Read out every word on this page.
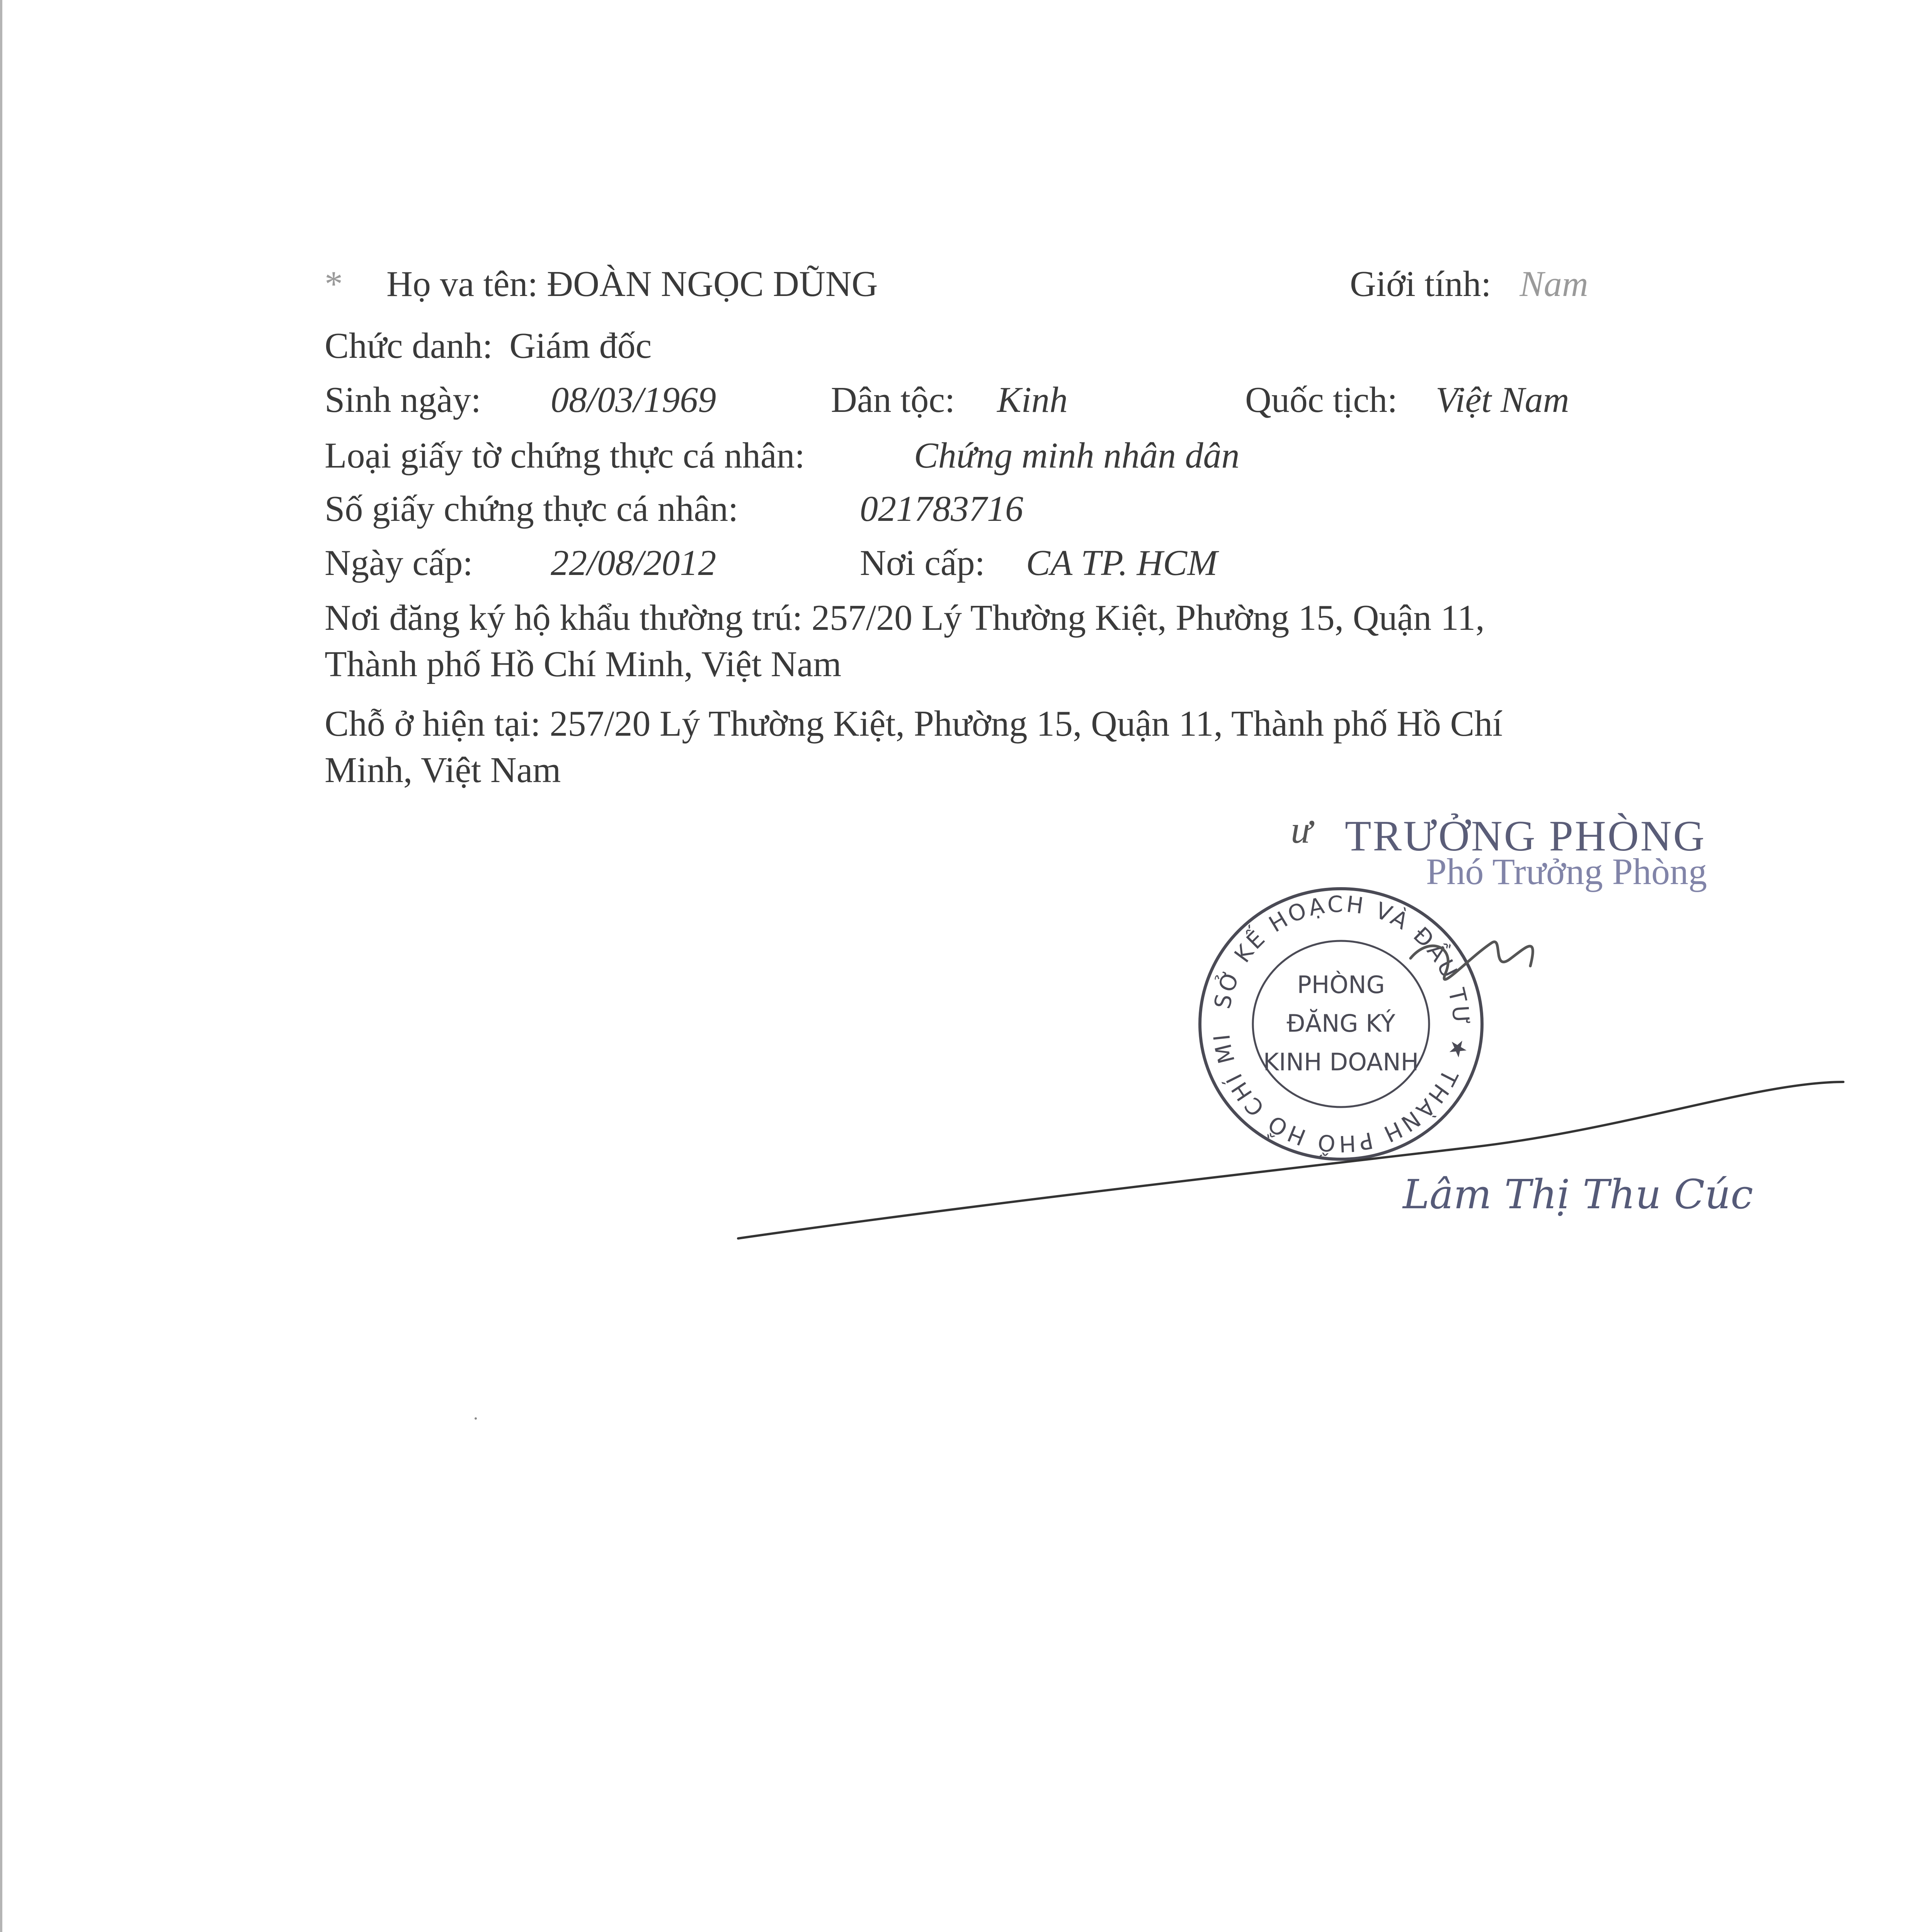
* Họ va tên: ĐOÀN NGỌC DŨNG	Giới tính: Nam
Chức danh: Giám đốc
Sinh ngày: 08/03/1969	Dân tộc: Kinh	Quốc tịch: Việt Nam
Loại giấy tờ chứng thực cá nhân:	Chứng minh nhân dân
Số giấy chứng thực cá nhân:	021783716
Ngày cấp: 22/08/2012	Nơi cấp: CA TP. HCM
Nơi đăng ký hộ khẩu thường trú: 257/20 Lý Thường Kiệt, Phường 15, Quận 11,
Thành phố Hồ Chí Minh, Việt Nam
Chỗ ở hiện tại: 257/20 Lý Thường Kiệt, Phường 15, Quận 11, Thành phố Hồ Chí
Minh, Việt Nam
ư TRƯỞNG PHÒNG
Phó Trưởng Phòng
SỞ KẾ HOẠCH VÀ ĐẦU TƯ ★ THÀNH PHỐ HỒ CHÍ MI
PHÒNG
ĐĂNG KÝ
KINH DOANH
Lâm Thị Thu Cúc
